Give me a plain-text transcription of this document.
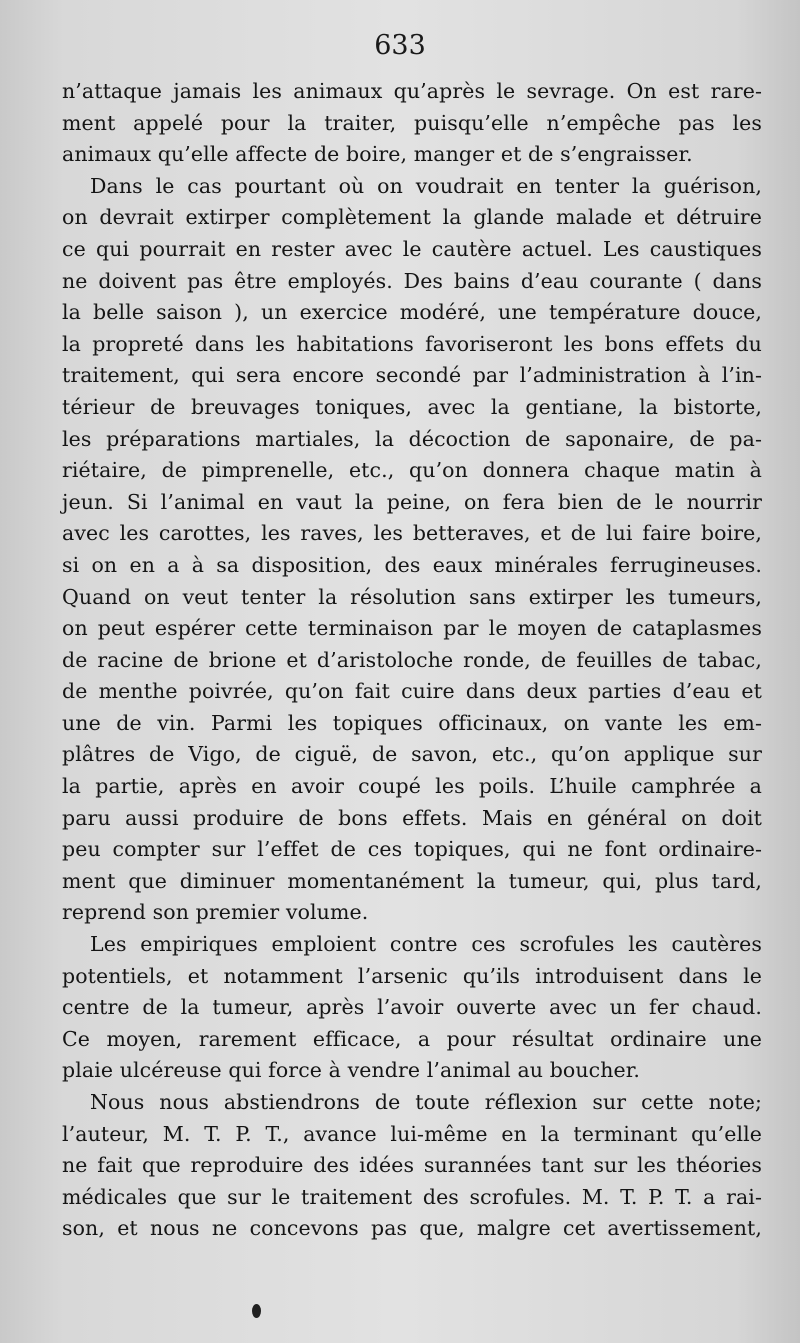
633
n’attaque jamais les animaux qu’après le sevrage. On est rare-
ment appelé pour la traiter, puisqu’elle n’empêche pas les
animaux qu’elle affecte de boire, manger et de s’engraisser.
Dans le cas pourtant où on voudrait en tenter la guérison,
on devrait extirper complètement la glande malade et détruire
ce qui pourrait en rester avec le cautère actuel. Les caustiques
ne doivent pas être employés. Des bains d’eau courante ( dans
la belle saison ), un exercice modéré, une température douce,
la propreté dans les habitations favoriseront les bons effets du
traitement, qui sera encore secondé par l’administration à l’in-
térieur de breuvages toniques, avec la gentiane, la bistorte,
les préparations martiales, la décoction de saponaire, de pa-
riétaire, de pimprenelle, etc., qu’on donnera chaque matin à
jeun. Si l’animal en vaut la peine, on fera bien de le nourrir
avec les carottes, les raves, les betteraves, et de lui faire boire,
si on en a à sa disposition, des eaux minérales ferrugineuses.
Quand on veut tenter la résolution sans extirper les tumeurs,
on peut espérer cette terminaison par le moyen de cataplasmes
de racine de brione et d’aristoloche ronde, de feuilles de tabac,
de menthe poivrée, qu’on fait cuire dans deux parties d’eau et
une de vin. Parmi les topiques officinaux, on vante les em-
plâtres de Vigo, de ciguë, de savon, etc., qu’on applique sur
la partie, après en avoir coupé les poils. L’huile camphrée a
paru aussi produire de bons effets. Mais en général on doit
peu compter sur l’effet de ces topiques, qui ne font ordinaire-
ment que diminuer momentanément la tumeur, qui, plus tard,
reprend son premier volume.
Les empiriques emploient contre ces scrofules les cautères
potentiels, et notamment l’arsenic qu’ils introduisent dans le
centre de la tumeur, après l’avoir ouverte avec un fer chaud.
Ce moyen, rarement efficace, a pour résultat ordinaire une
plaie ulcéreuse qui force à vendre l’animal au boucher.
Nous nous abstiendrons de toute réflexion sur cette note;
l’auteur, M. T. P. T., avance lui-même en la terminant qu’elle
ne fait que reproduire des idées surannées tant sur les théories
médicales que sur le traitement des scrofules. M. T. P. T. a rai-
son, et nous ne concevons pas que, malgre cet avertissement,
